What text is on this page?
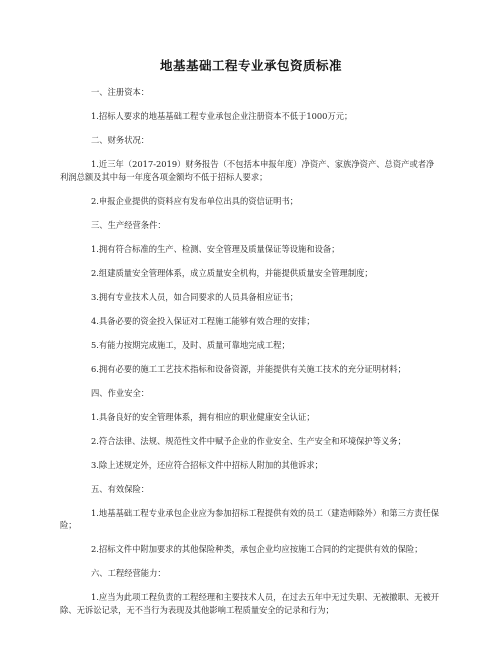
地基基础工程专业承包资质标准

一、注册资本：

1.招标人要求的地基基础工程专业承包企业注册资本不低于1000万元；

二、财务状况：

1.近三年（2017-2019）财务报告（不包括本申报年度）净资产、家族净资产、总资产或者净利润总额及其中每一年度各项金额均不低于招标人要求；

2.申报企业提供的资料应有发布单位出具的资信证明书；

三、生产经营条件：

1.拥有符合标准的生产、检测、安全管理及质量保证等设施和设备；

2.组建质量安全管理体系，成立质量安全机构，并能提供质量安全管理制度；

3.拥有专业技术人员，如合同要求的人员具备相应证书；

4.具备必要的资金投入保证对工程施工能够有效合理的安排；

5.有能力按期完成施工，及时、质量可靠地完成工程；

6.拥有必要的施工工艺技术指标和设备资源，并能提供有关施工技术的充分证明材料；

四、作业安全：

1.具备良好的安全管理体系，拥有相应的职业健康安全认证；

2.符合法律、法规、规范性文件中赋予企业的作业安全、生产安全和环境保护等义务；

3.除上述规定外，还应符合招标文件中招标人附加的其他诉求；

五、有效保险：

1.地基基础工程专业承包企业应为参加招标工程提供有效的员工（建造师除外）和第三方责任保险；

2.招标文件中附加要求的其他保险种类，承包企业均应按施工合同的约定提供有效的保险；

六、工程经营能力：

1.应当为此项工程负责的工程经理和主要技术人员，在过去五年中无过失职、无被撤职、无被开除、无诉讼记录，无不当行为表现及其他影响工程质量安全的记录和行为；
